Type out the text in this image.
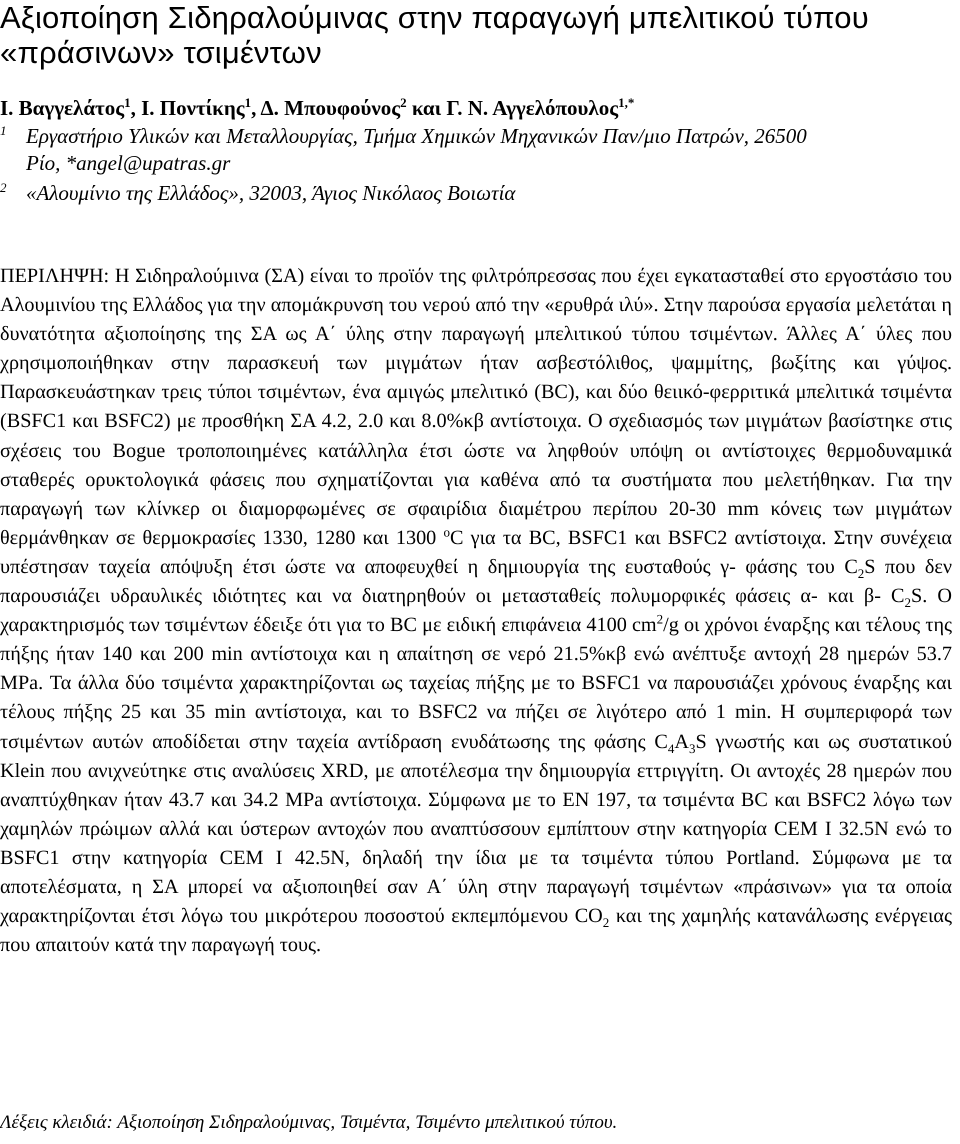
Αξιοποίηση Σιδηραλούμινας στην παραγωγή μπελιτικού τύπου
«πράσινων» τσιμέντων
Ι. Βαγγελάτος$^1$, Ι. Ποντίκης$^1$, Δ. Μπουφούνος$^2$ και Γ. Ν. Αγγελόπουλος$^{1,*}$
$^1$ Εργαστήριο Υλικών και Μεταλλουργίας, Τμήμα Χημικών Μηχανικών Παν/μιο Πατρών, 26500
Ρίο, *angel@upatras.gr
$^2$ «Αλουμίνιο της Ελλάδος», 32003, Άγιος Νικόλαος Βοιωτία

ΠΕΡΙΛΗΨΗ: Η Σιδηραλούμινα (ΣΑ) είναι το προϊόν της φιλτρόπρεσσας που έχει εγκατασταθεί στο εργοστάσιο του Αλουμινίου της Ελλάδος για την απομάκρυνση του νερού από την «ερυθρά ιλύ». Στην παρούσα εργασία μελετάται η δυνατότητα αξιοποίησης της ΣΑ ως Α΄ ύλης στην παραγωγή μπελιτικού τύπου τσιμέντων. Άλλες Α΄ ύλες που χρησιμοποιήθηκαν στην παρασκευή των μιγμάτων ήταν ασβεστόλιθος, ψαμμίτης, βωξίτης και γύψος. Παρασκευάστηκαν τρεις τύποι τσιμέντων, ένα αμιγώς μπελιτικό (BC), και δύο θειικό-φερριτικά μπελιτικά τσιμέντα (BSFC1 και BSFC2) με προσθήκη ΣΑ 4.2, 2.0 και 8.0%κβ αντίστοιχα. Ο σχεδιασμός των μιγμάτων βασίστηκε στις σχέσεις του Bogue τροποποιημένες κατάλληλα έτσι ώστε να ληφθούν υπόψη οι αντίστοιχες θερμοδυναμικά σταθερές ορυκτολογικά φάσεις που σχηματίζονται για καθένα από τα συστήματα που μελετήθηκαν. Για την παραγωγή των κλίνκερ οι διαμορφωμένες σε σφαιρίδια διαμέτρου περίπου 20-30 mm κόνεις των μιγμάτων θερμάνθηκαν σε θερμοκρασίες 1330, 1280 και 1300 $^o$C για τα BC, BSFC1 και BSFC2 αντίστοιχα. Στην συνέχεια υπέστησαν ταχεία απόψυξη έτσι ώστε να αποφευχθεί η δημιουργία της ευσταθούς γ- φάσης του $C_2S$ που δεν παρουσιάζει υδραυλικές ιδιότητες και να διατηρηθούν οι μετασταθείς πολυμορφικές φάσεις α- και β- $C_2S$. Ο χαρακτηρισμός των τσιμέντων έδειξε ότι για το BC με ειδική επιφάνεια 4100 $cm^2/g$ οι χρόνοι έναρξης και τέλους της πήξης ήταν 140 και 200 min αντίστοιχα και η απαίτηση σε νερό 21.5%κβ ενώ ανέπτυξε αντοχή 28 ημερών 53.7 MPa. Τα άλλα δύο τσιμέντα χαρακτηρίζονται ως ταχείας πήξης με το BSFC1 να παρουσιάζει χρόνους έναρξης και τέλους πήξης 25 και 35 min αντίστοιχα, και το BSFC2 να πήζει σε λιγότερο από 1 min. Η συμπεριφορά των τσιμέντων αυτών αποδίδεται στην ταχεία αντίδραση ενυδάτωσης της φάσης $C_4A_3S$ γνωστής και ως συστατικού Klein που ανιχνεύτηκε στις αναλύσεις XRD, με αποτέλεσμα την δημιουργία εττριγγίτη. Οι αντοχές 28 ημερών που αναπτύχθηκαν ήταν 43.7 και 34.2 MPa αντίστοιχα. Σύμφωνα με το EN 197, τα τσιμέντα BC και BSFC2 λόγω των χαμηλών πρώιμων αλλά και ύστερων αντοχών που αναπτύσσουν εμπίπτουν στην κατηγορία CEM I 32.5N ενώ το BSFC1 στην κατηγορία CEM I 42.5N, δηλαδή την ίδια με τα τσιμέντα τύπου Portland. Σύμφωνα με τα αποτελέσματα, η ΣΑ μπορεί να αξιοποιηθεί σαν Α΄ ύλη στην παραγωγή τσιμέντων «πράσινων» για τα οποία χαρακτηρίζονται έτσι λόγω του μικρότερου ποσοστού εκπεμπόμενου $CO_2$ και της χαμηλής κατανάλωσης ενέργειας που απαιτούν κατά την παραγωγή τους.

Λέξεις κλειδιά: Αξιοποίηση Σιδηραλούμινας, Τσιμέντα, Τσιμέντο μπελιτικού τύπου.
